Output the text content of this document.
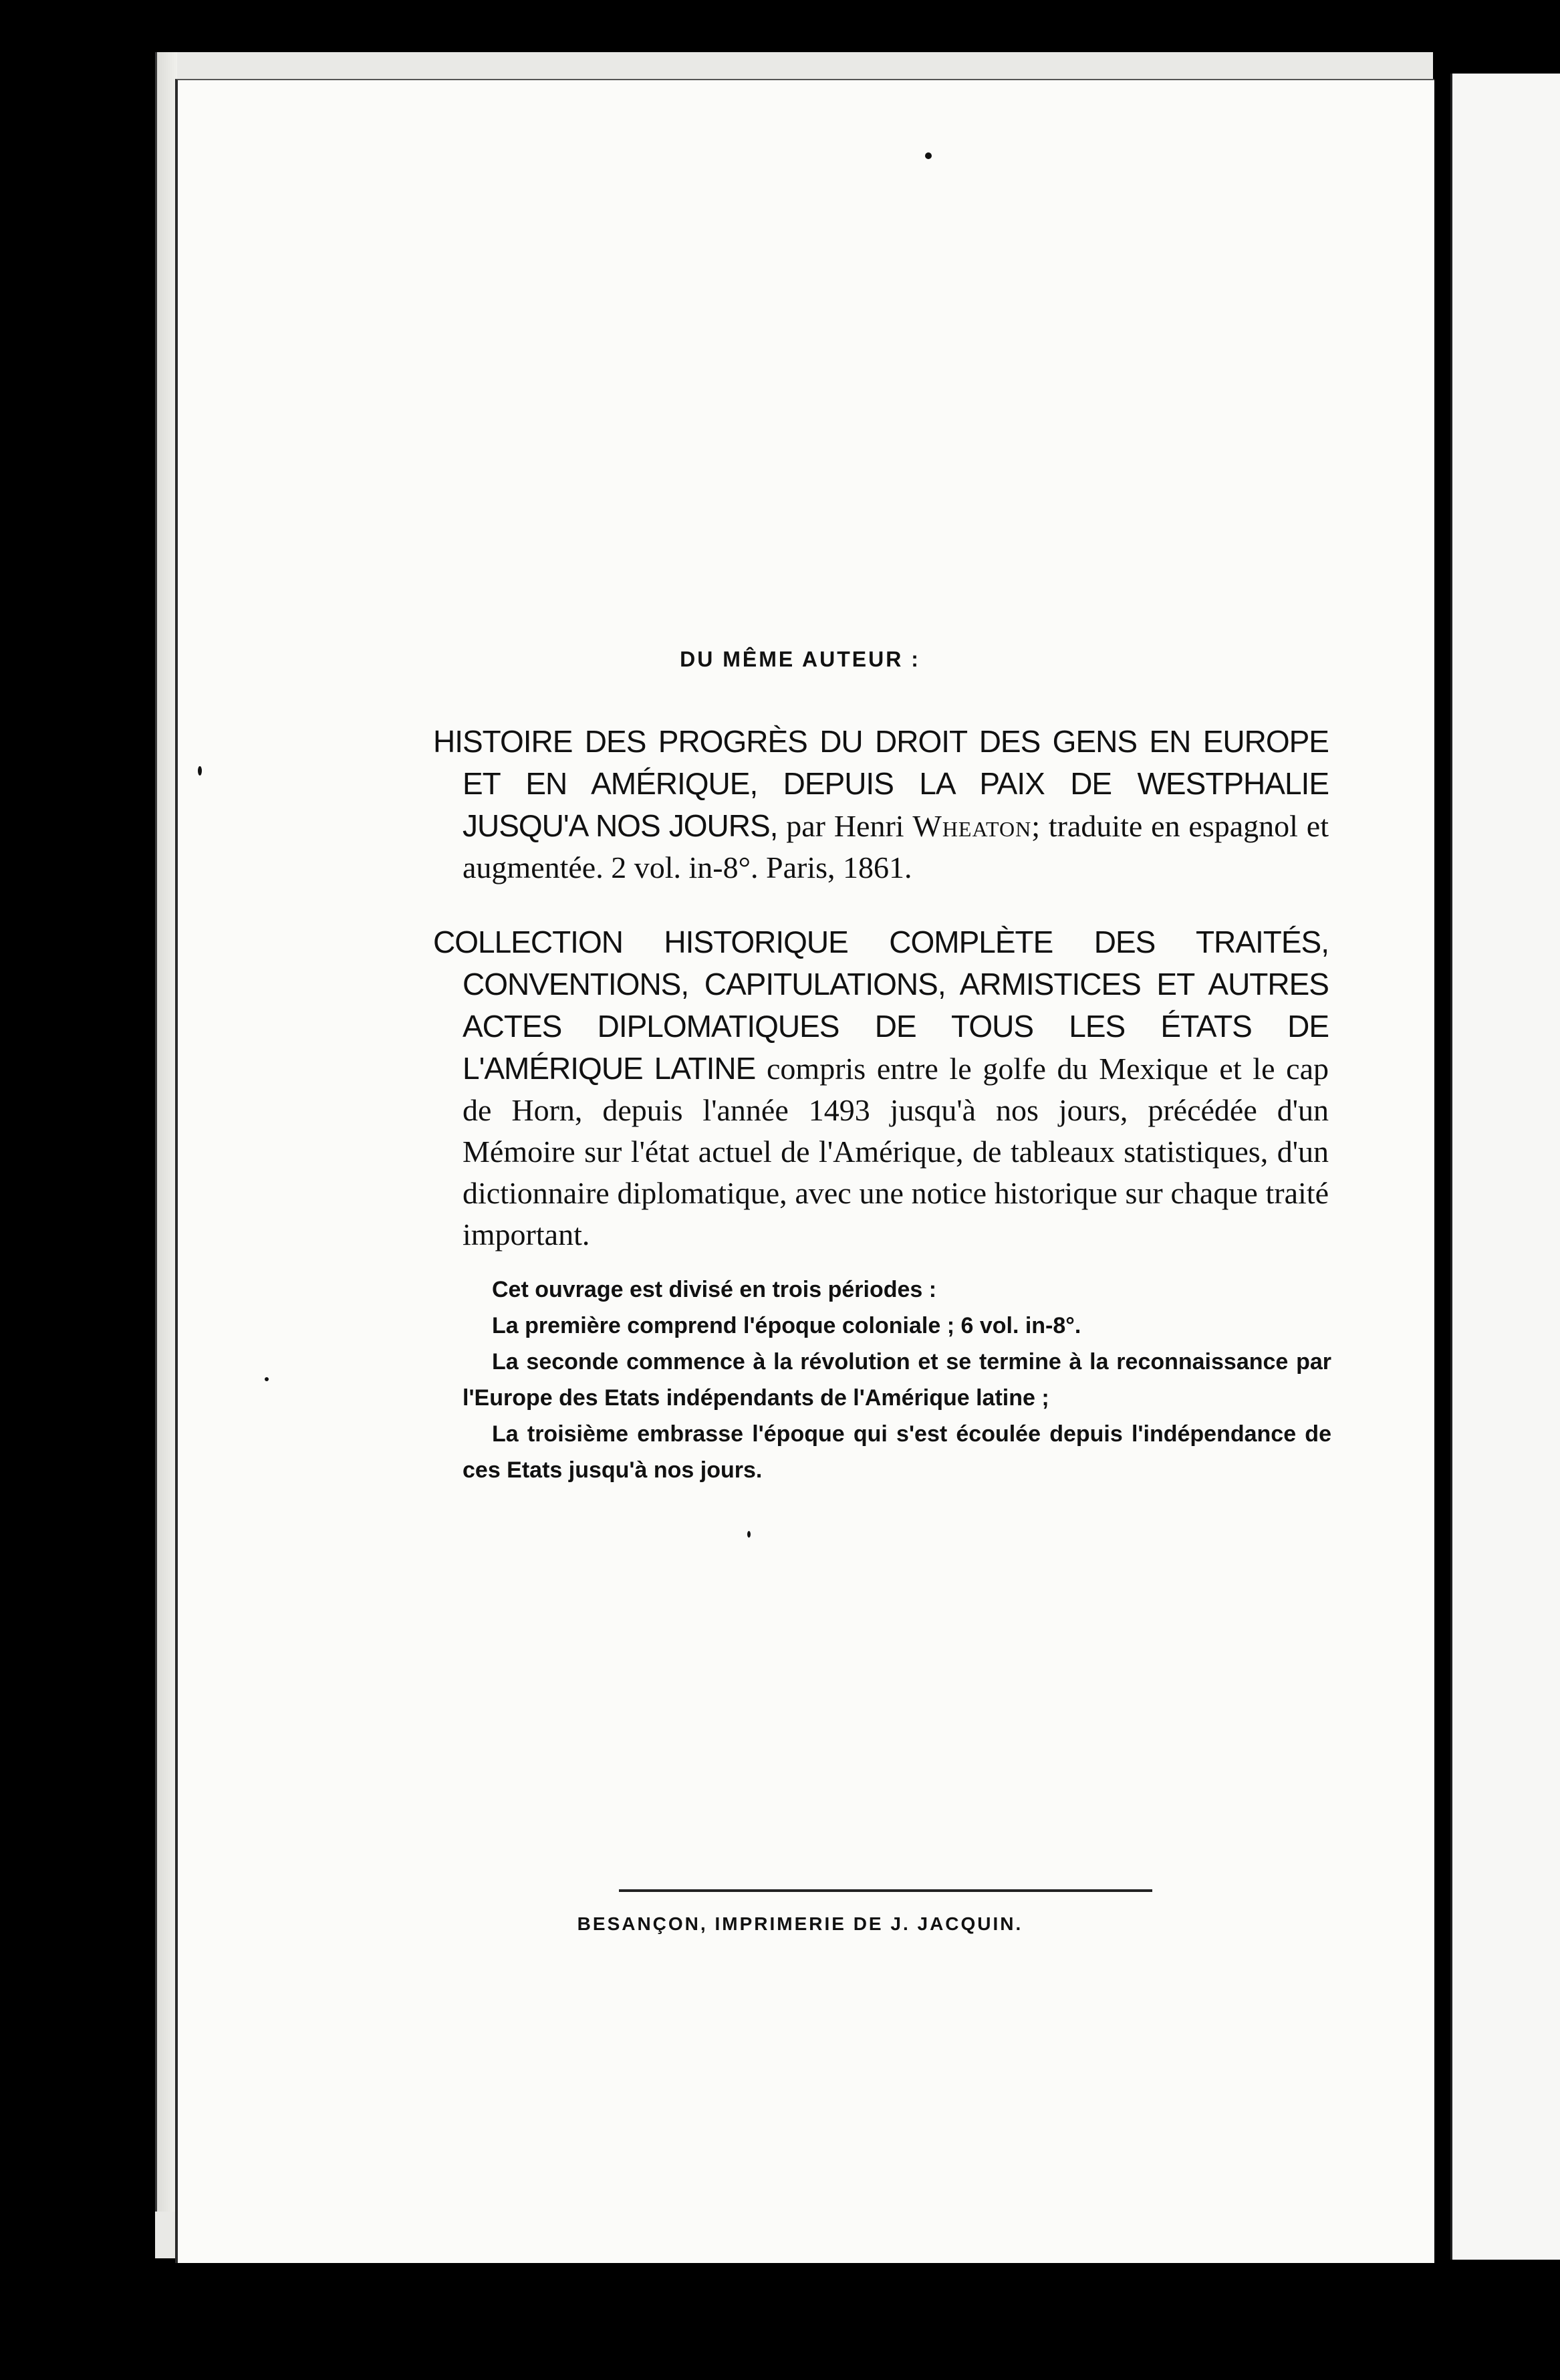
DU MÊME AUTEUR :

HISTOIRE DES PROGRÈS DU DROIT DES GENS EN EUROPE ET EN AMÉRIQUE, DEPUIS LA PAIX DE WESTPHALIE JUSQU'A NOS JOURS, par Henri Wheaton; traduite en espagnol et augmentée. 2 vol. in-8°. Paris, 1861.

COLLECTION HISTORIQUE COMPLÈTE DES TRAITÉS, CONVENTIONS, CAPITULATIONS, ARMISTICES ET AUTRES ACTES DIPLOMATIQUES DE TOUS LES ÉTATS DE L'AMÉRIQUE LATINE compris entre le golfe du Mexique et le cap de Horn, depuis l'année 1493 jusqu'à nos jours, précédée d'un Mémoire sur l'état actuel de l'Amérique, de tableaux statistiques, d'un dictionnaire diplomatique, avec une notice historique sur chaque traité important.

Cet ouvrage est divisé en trois périodes :

La première comprend l'époque coloniale ; 6 vol. in-8°.

La seconde commence à la révolution et se termine à la reconnaissance par l'Europe des Etats indépendants de l'Amérique latine ;

La troisième embrasse l'époque qui s'est écoulée depuis l'indépendance de ces Etats jusqu'à nos jours.

BESANÇON, IMPRIMERIE DE J. JACQUIN.
